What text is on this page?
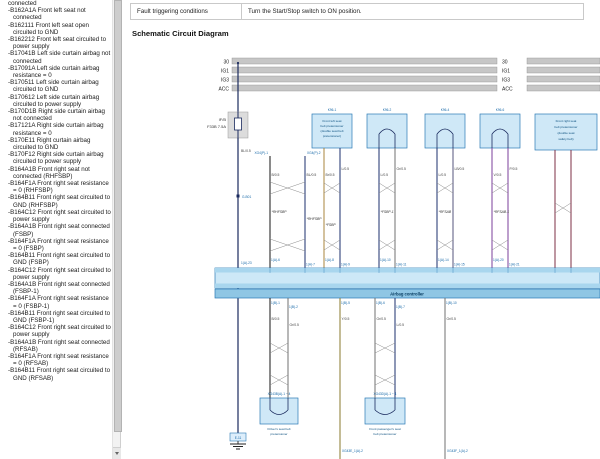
connected
- B162A1A Front left seat not connected
- B162111 Front left seat open circuited to GND
- B162212 Front left seat circuited to power supply
- B17041B Left side curtain airbag not connected
- B17091A Left side curtain airbag resistance = 0
- B170511 Left side curtain airbag circuited to GND
- B170612 Left side curtain airbag circuited to power supply
- B170D1B Right side curtain airbag not connected
- B17121A Right side curtain airbag resistance = 0
- B170E11 Right curtain airbag circuited to GND
- B170F12 Right side curtain airbag circuited to power supply
- B164A1B Front right seat not connected (RHFSBP)
- B164F1A Front right seat resistance = 0 (RHFSBP)
- B164B11 Front right seat circuited to GND (RHFSBP)
- B164C12 Front right seat circuited to power supply
- B164A1B Front right seat connected (FSBP)
- B164F1A Front right seat resistance = 0 (FSBP)
- B164B11 Front right seat circuited to GND (FSBP)
- B164C12 Front right seat circuited to power supply
- B164A1B Front right seat connected (FSBP-1)
- B164F1A Front right seat resistance = 0 (FSBP-1)
- B164B11 Front right seat circuited to GND (FSBP-1)
- B164C12 Front right seat circuited to power supply
- B164A1B Front right seat connected (RFSAB)
- B164F1A Front right seat resistance = 0 (RFSAB)
- B164B11 Front right seat circuited to GND (RFSAB)
Fault triggering conditions	Turn the Start/Stop switch to ON position.
Schematic Circuit Diagram
30
IG1
IG3
ACC
30
IG1
IG3
ACC
IF/B
F33B 7.5A
BL/0.5
G-B01
1(A)-23
E-11
K96-1	K96-2	K96-4	K96-6
Front left seat
belt pretensioner
(double seat belt
pretensioner)
Front right seat
belt pretensioner
(double seat
safety belt)
XG4(P)-1	XG4(P)-2
B/0.5	BL/0.5	Br/0.5
L/0.5
L/0.5
Gr/0.5
L/0.5
LB/0.5
V/0.5
P/0.5
*RHFSBP
*RHFSBP
*FSBP
*FSBP-1	*RFSAB	*RFSAB-1
1(A)-6
1(A)-7
1(A)-8
1(A)-9
1(A)-10
1(A)-11
1(A)-14
1(A)-15
1(A)-20
1(A)-21
Airbag controller
1(B)-1
1(B)-2
1(B)-5	1(B)-6
1(B)-7
1(B)-10
B/0.5
Gr/0.5
Y/0.5	Gr/0.5
L/0.5
Gr/0.5
XG43E_1(A)-2	XG43F_1(A)-2
XG43B(A)-1 ~ 4
Driver's seat belt
pretensioner
XG43D(A)-1 ~ 4
Front passenger's seat
belt pretensioner
